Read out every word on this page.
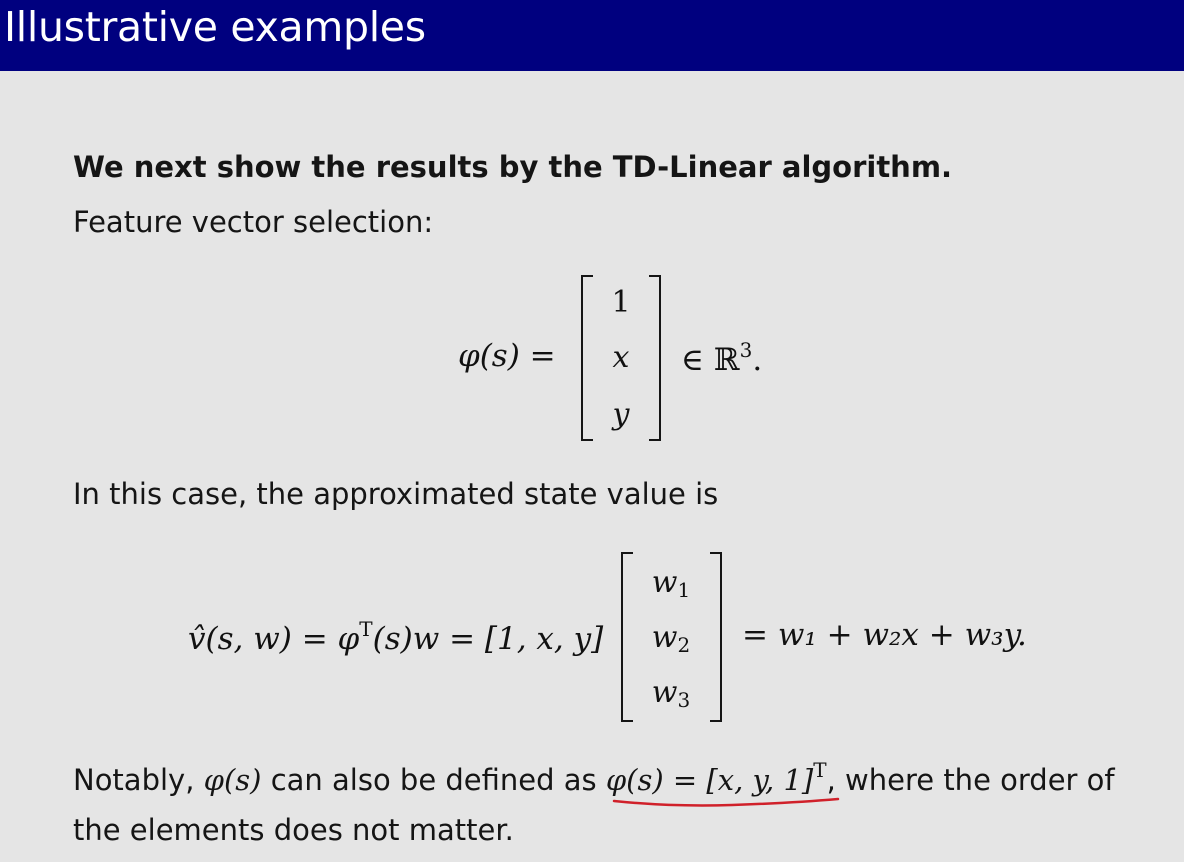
Illustrative examples
We next show the results by the TD-Linear algorithm.
Feature vector selection:
φ(s) =
1
x
y
∈ ℝ$^3$.
In this case, the approximated state value is
v̂(s, $w) = \varphi^T(s)w = [1$, x, y]
$w_1$
$w_2$
$w_3$
= w₁ + w₂x + w₃y.
Notably, φ(s) can also be defined as φ(s) = [x, y, 1]$^T$, where the order of
the elements does not matter.
